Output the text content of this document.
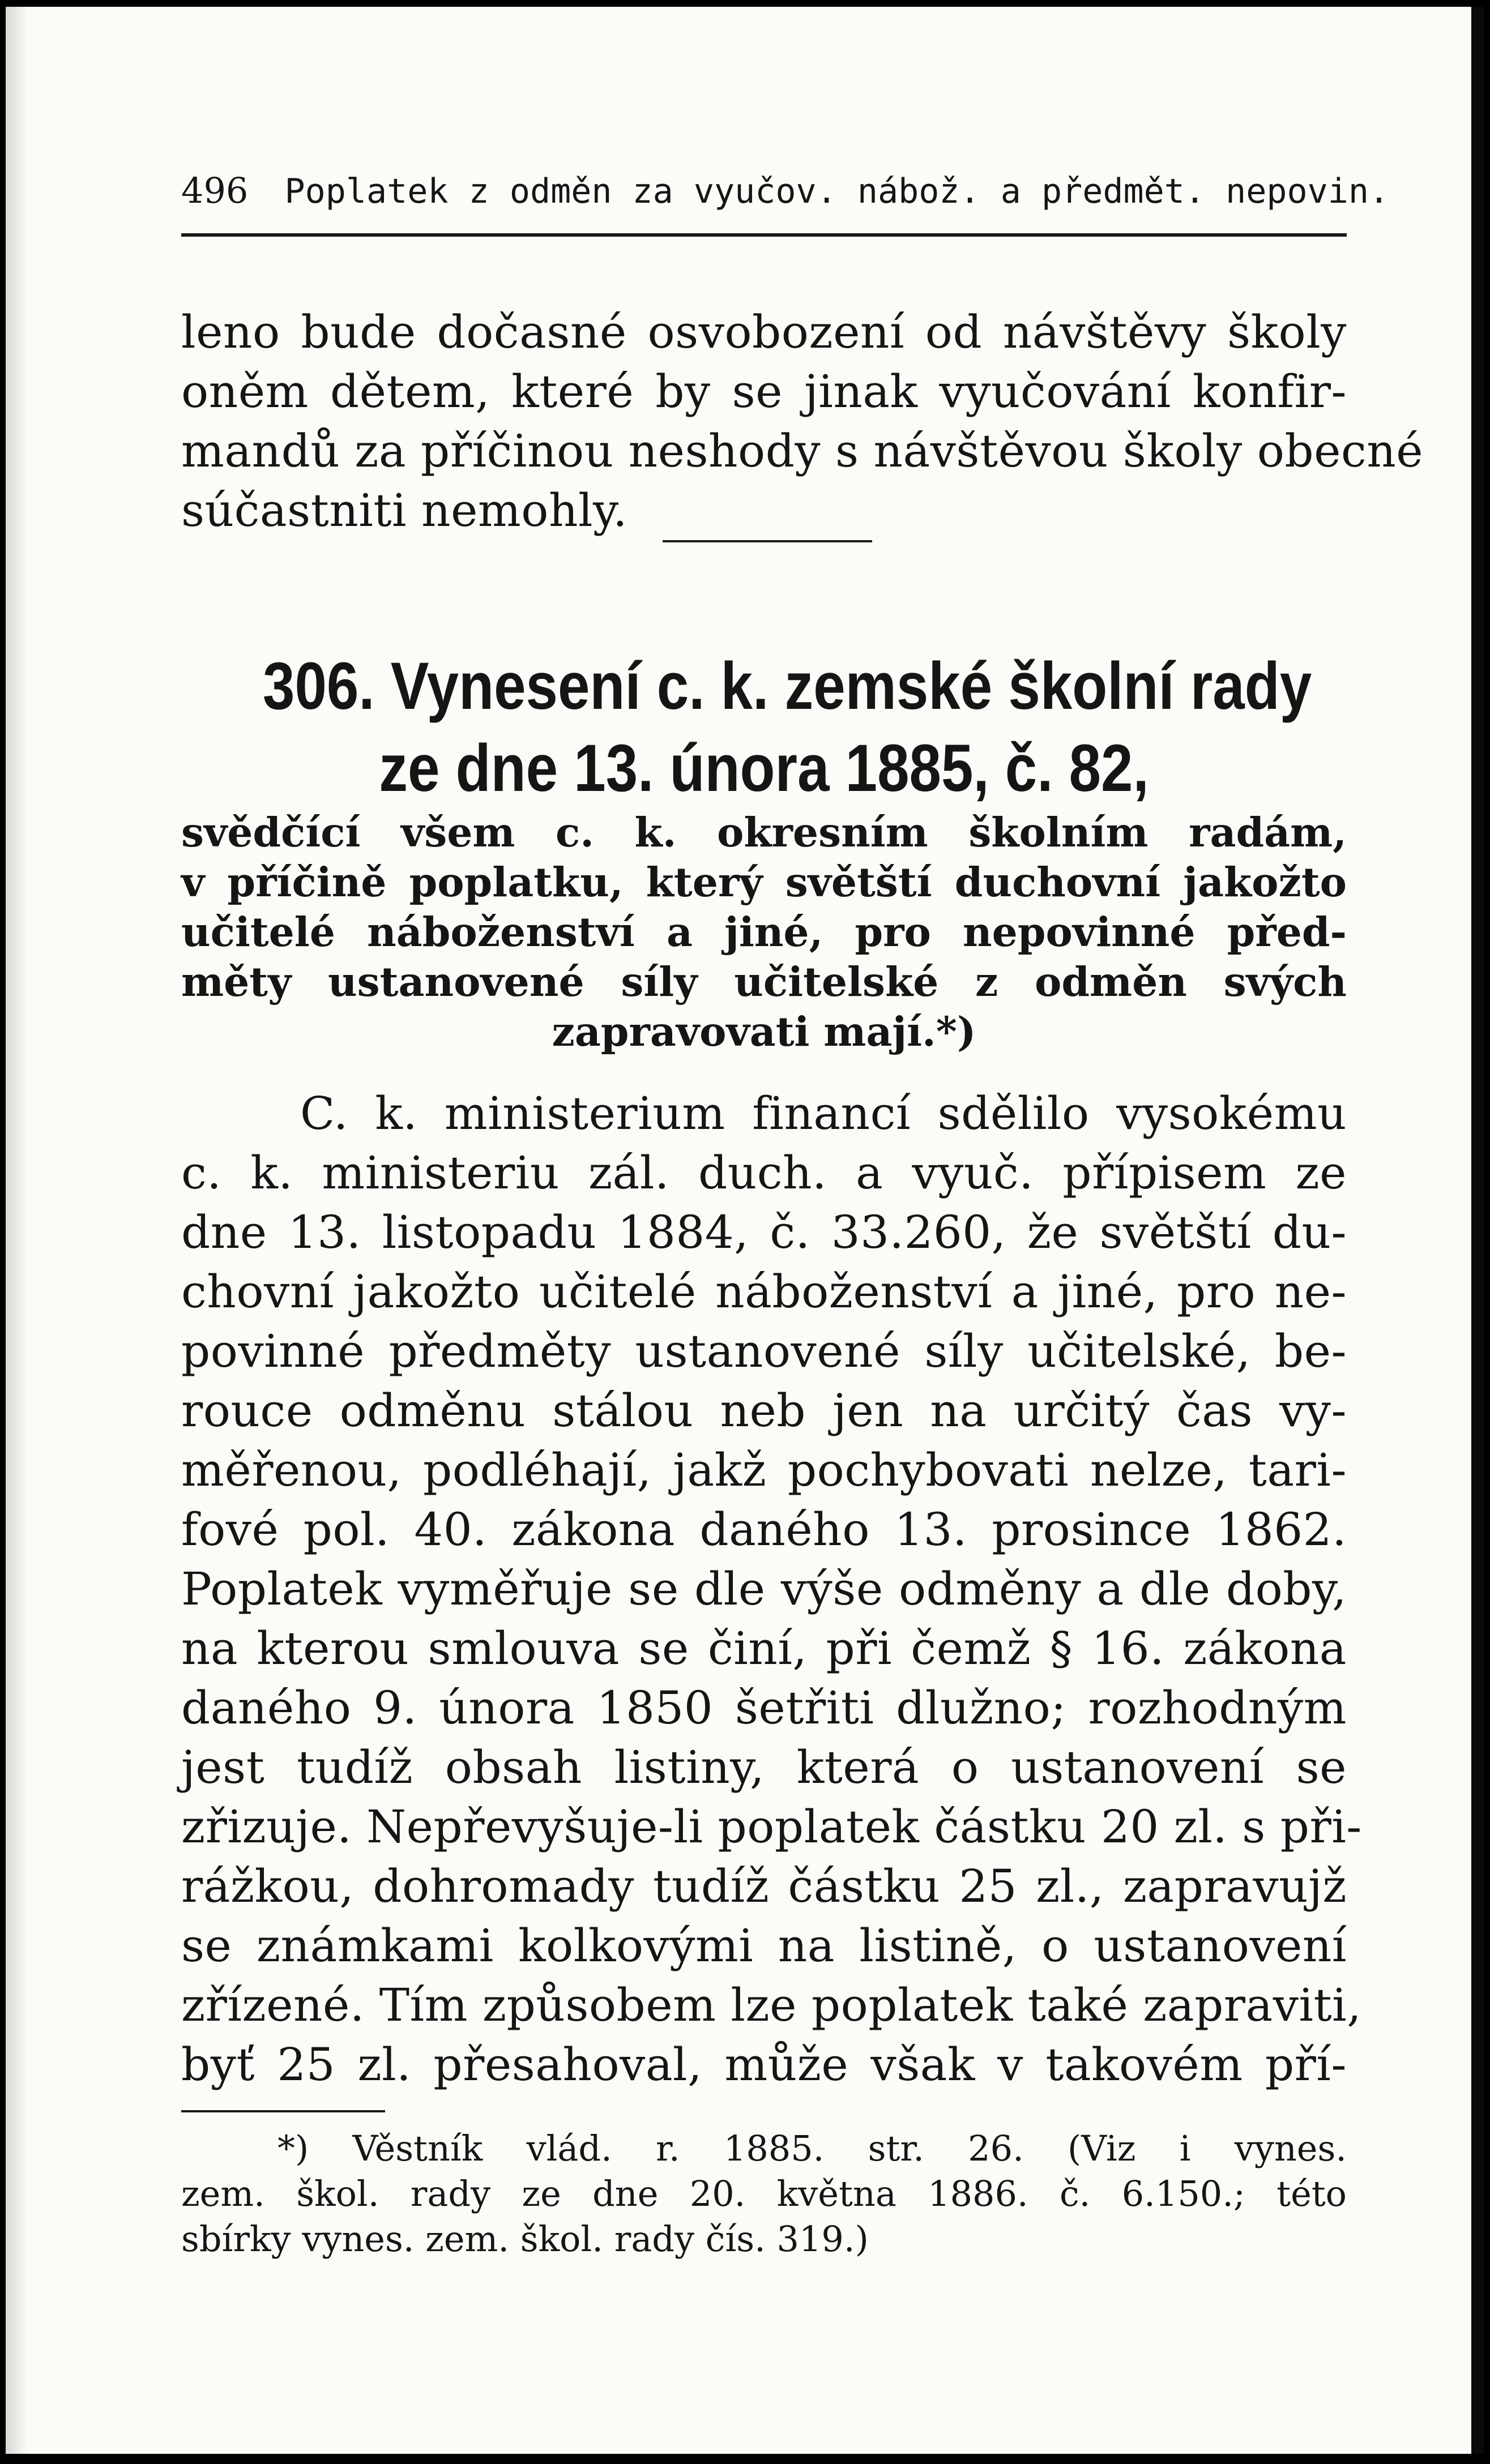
496 Poplatek z odměn za vyučov. nábož. a předmět. nepovin.
leno bude dočasné osvobození od návštěvy školy
oněm dětem, které by se jinak vyučování konfir-
mandů za příčinou neshody s návštěvou školy obecné
súčastniti nemohly.
306. Vynesení c. k. zemské školní rady
ze dne 13. února 1885, č. 82,
svědčící všem c. k. okresním školním radám,
v příčině poplatku, který světští duchovní jakožto
učitelé náboženství a jiné, pro nepovinné před-
měty ustanovené síly učitelské z odměn svých
zapravovati mají.*)
C. k. ministerium financí sdělilo vysokému
c. k. ministeriu zál. duch. a vyuč. přípisem ze
dne 13. listopadu 1884, č. 33.260, že světští du-
chovní jakožto učitelé náboženství a jiné, pro ne-
povinné předměty ustanovené síly učitelské, be-
rouce odměnu stálou neb jen na určitý čas vy-
měřenou, podléhají, jakž pochybovati nelze, tari-
fové pol. 40. zákona daného 13. prosince 1862.
Poplatek vyměřuje se dle výše odměny a dle doby,
na kterou smlouva se činí, při čemž § 16. zákona
daného 9. února 1850 šetřiti dlužno; rozhodným
jest tudíž obsah listiny, která o ustanovení se
zřizuje. Nepřevyšuje-li poplatek částku 20 zl. s při-
rážkou, dohromady tudíž částku 25 zl., zapravujž
se známkami kolkovými na listině, o ustanovení
zřízené. Tím způsobem lze poplatek také zapraviti,
byť 25 zl. přesahoval, může však v takovém pří-
*) Věstník vlád. r. 1885. str. 26. (Viz i vynes.
zem. škol. rady ze dne 20. května 1886. č. 6.150.; této
sbírky vynes. zem. škol. rady čís. 319.)
